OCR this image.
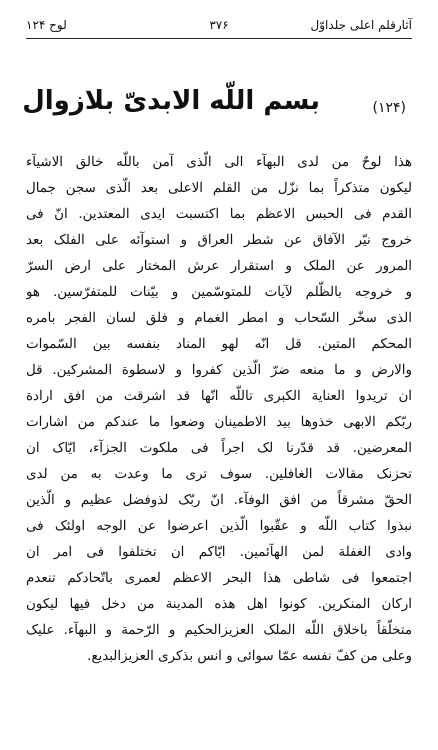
آثارقلم اعلی جلداوّل
۳۷۶
لوح ۱۲۴
(۱۲۴)
بسم اللّه الابدیّ بلازوال
هذا لوحٌ من لدی البهآء الی الّذی آمن باللّه خالق الاشیآء
لیکون متذکراً بما نزّل من القلم الاعلی بعد الّذی سجن جمال
القدم فی الحبس الاعظم بما اکتسبت ایدی المعتدین. انّ فی
خروج نیّر الآفاق عن شطر العراق و استوآئه علی الفلک بعد
المرور عن الملک و استقرار عرش المختار علی ارض السرّ
و خروجه بالظّلم لآیات للمتوسّمین و بیّنات للمتفرّسین. هو
الذی سخّر السّحاب و امطر الغمام و فلق لسان الفجر بامره
المحکم المتین. قل انّه لهو المناد بنفسه بین السّموات
والارض و ما منعه ضرّ الّذین کفروا و لاسطوة المشرکین. قل
ان تریدوا العنایة الکبری تاللّه انّها قد اشرقت من افق ارادة
ربّکم الابهی خذوها بید الاطمینان وضعوا ما عندکم من اشارات
المعرضین. قد قدّرنا لک اجراً فی ملکوت الجزآء، ایّاک ان
تحزنک مقالات الغافلین. سوف تری ما وعدت به من لدی
الحقّ مشرقاً من افق الوفآء. انّ ربّک لذوفضل عظیم و الّذین
نبذوا کتاب اللّه و عقّبوا الّذین اعرضوا عن الوجه اولئک فی
وادی الغفلة لمن الهآئمین. ایّاکم ان تختلفوا فی امر ان
اجتمعوا فی شاطی هذا البحر الاعظم لعمری باتّحادکم تنعدم
ارکان المنکرین. کونوا اهل هذه المدینة من دخل فیها لیکون
متخلّقاً باخلاق اللّه الملک العزیزالحکیم و الرّحمة و البهآء. علیک
وعلی من کفّ نفسه عمّا سوائی و انس بذکری العزیزالبدیع.
